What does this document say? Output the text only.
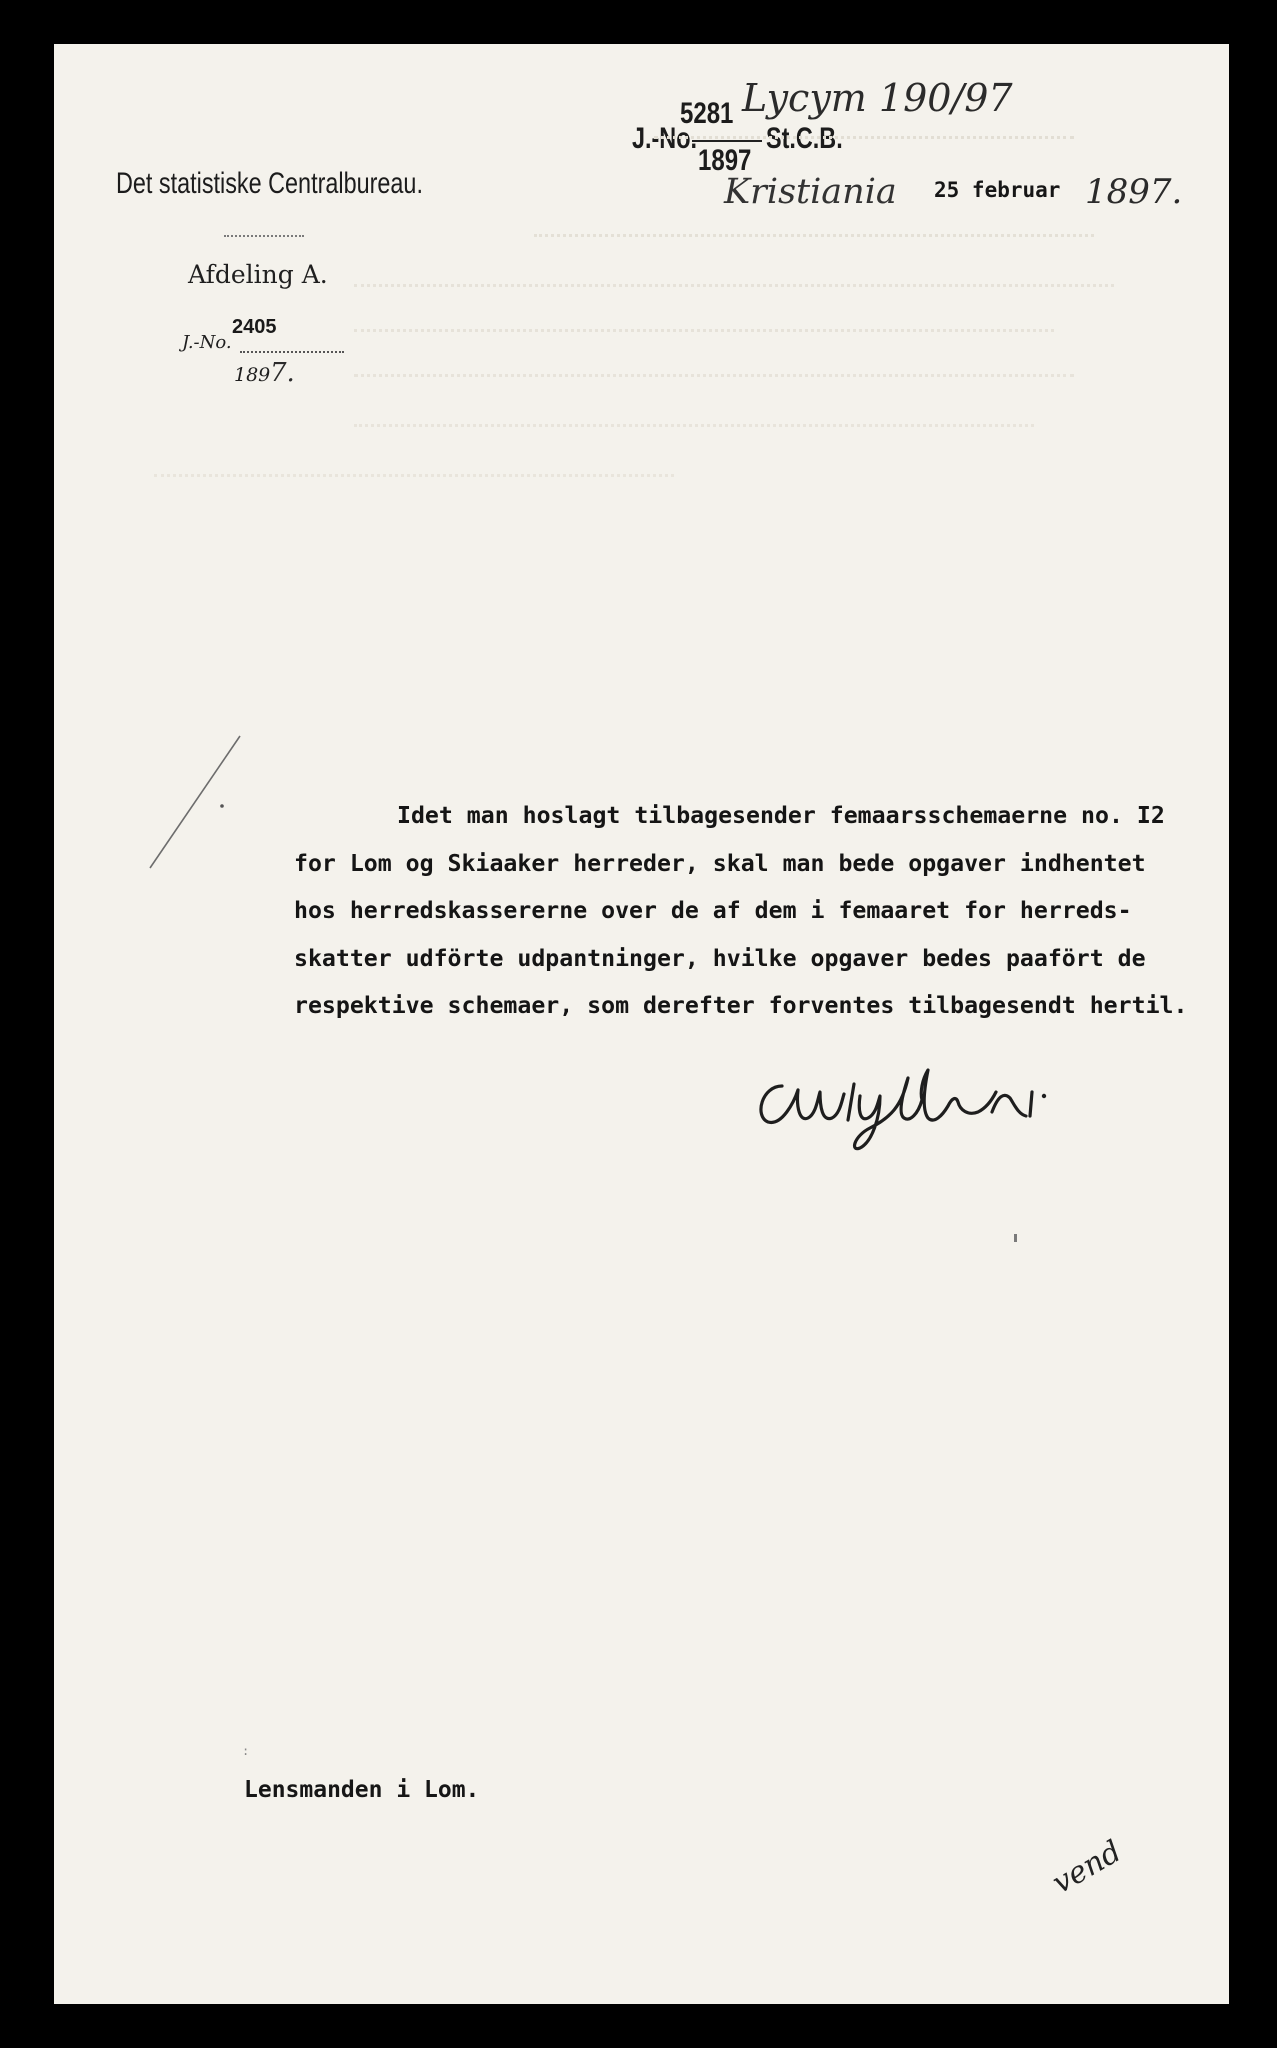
Det statistiske Centralbureau.
Afdeling A.
2405
J.-No.
189 7.
5281 Lycym 190/97
J.-No. St.C.B.
1897
Kristiania 25 februar 1897.
Idet man hoslagt tilbagesender femaarsschemaerne no. I2
for Lom og Skiaaker herreder, skal man bede opgaver indhentet
hos herredskassererne over de af dem i femaaret for herreds-
skatter udförte udpantninger, hvilke opgaver bedes paafört de
respektive schemaer, som derefter forventes tilbagesendt hertil.
:
Lensmanden i Lom.
vend
